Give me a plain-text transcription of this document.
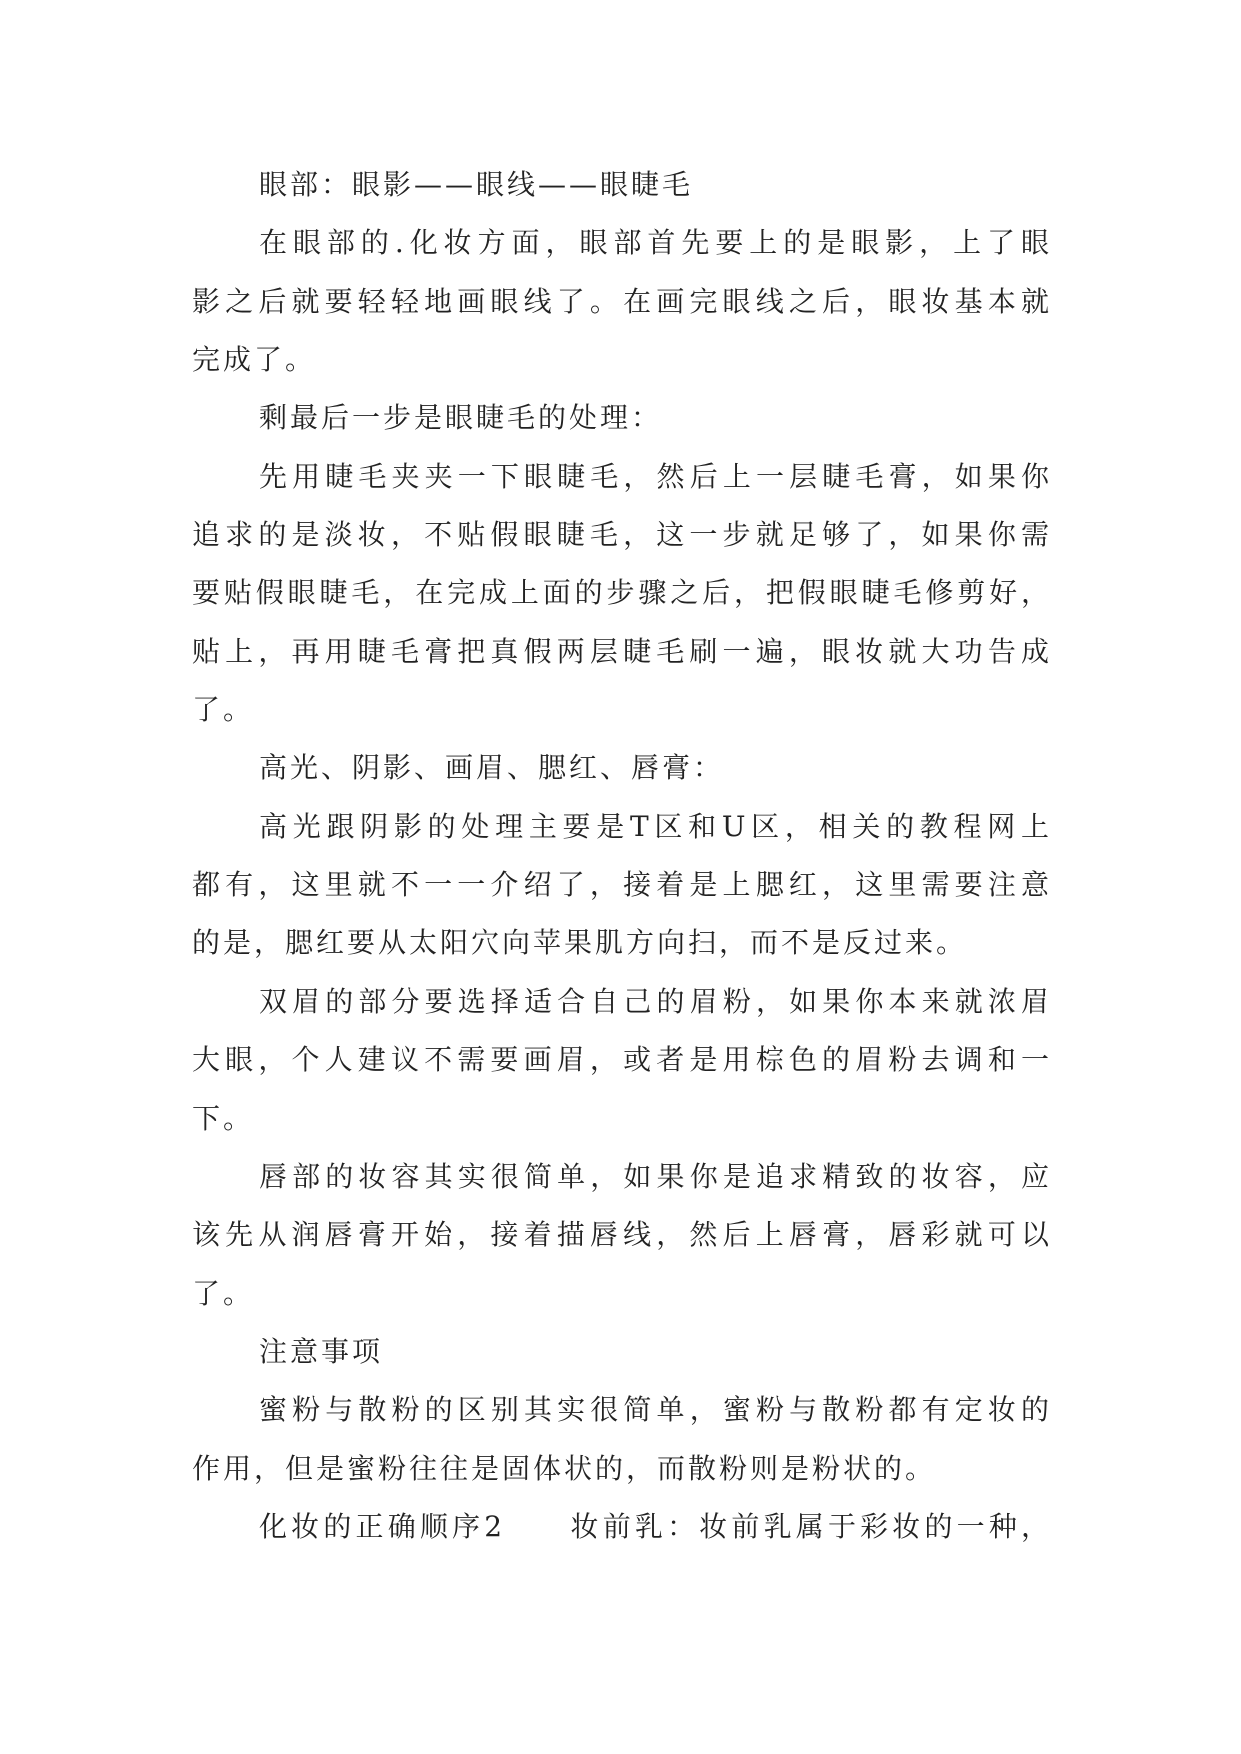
眼部：眼影——眼线——眼睫毛
在眼部的.化妆方面，眼部首先要上的是眼影，上了眼
影之后就要轻轻地画眼线了。在画完眼线之后，眼妆基本就
完成了。
剩最后一步是眼睫毛的处理：
先用睫毛夹夹一下眼睫毛，然后上一层睫毛膏，如果你
追求的是淡妆，不贴假眼睫毛，这一步就足够了，如果你需
要贴假眼睫毛，在完成上面的步骤之后，把假眼睫毛修剪好，
贴上，再用睫毛膏把真假两层睫毛刷一遍，眼妆就大功告成
了。
高光、阴影、画眉、腮红、唇膏：
高光跟阴影的处理主要是T区和U区，相关的教程网上
都有，这里就不一一介绍了，接着是上腮红，这里需要注意
的是，腮红要从太阳穴向苹果肌方向扫，而不是反过来。
双眉的部分要选择适合自己的眉粉，如果你本来就浓眉
大眼，个人建议不需要画眉，或者是用棕色的眉粉去调和一
下。
唇部的妆容其实很简单，如果你是追求精致的妆容，应
该先从润唇膏开始，接着描唇线，然后上唇膏，唇彩就可以
了。
注意事项
蜜粉与散粉的区别其实很简单，蜜粉与散粉都有定妆的
作用，但是蜜粉往往是固体状的，而散粉则是粉状的。
化妆的正确顺序2　　妆前乳：妆前乳属于彩妆的一种，
